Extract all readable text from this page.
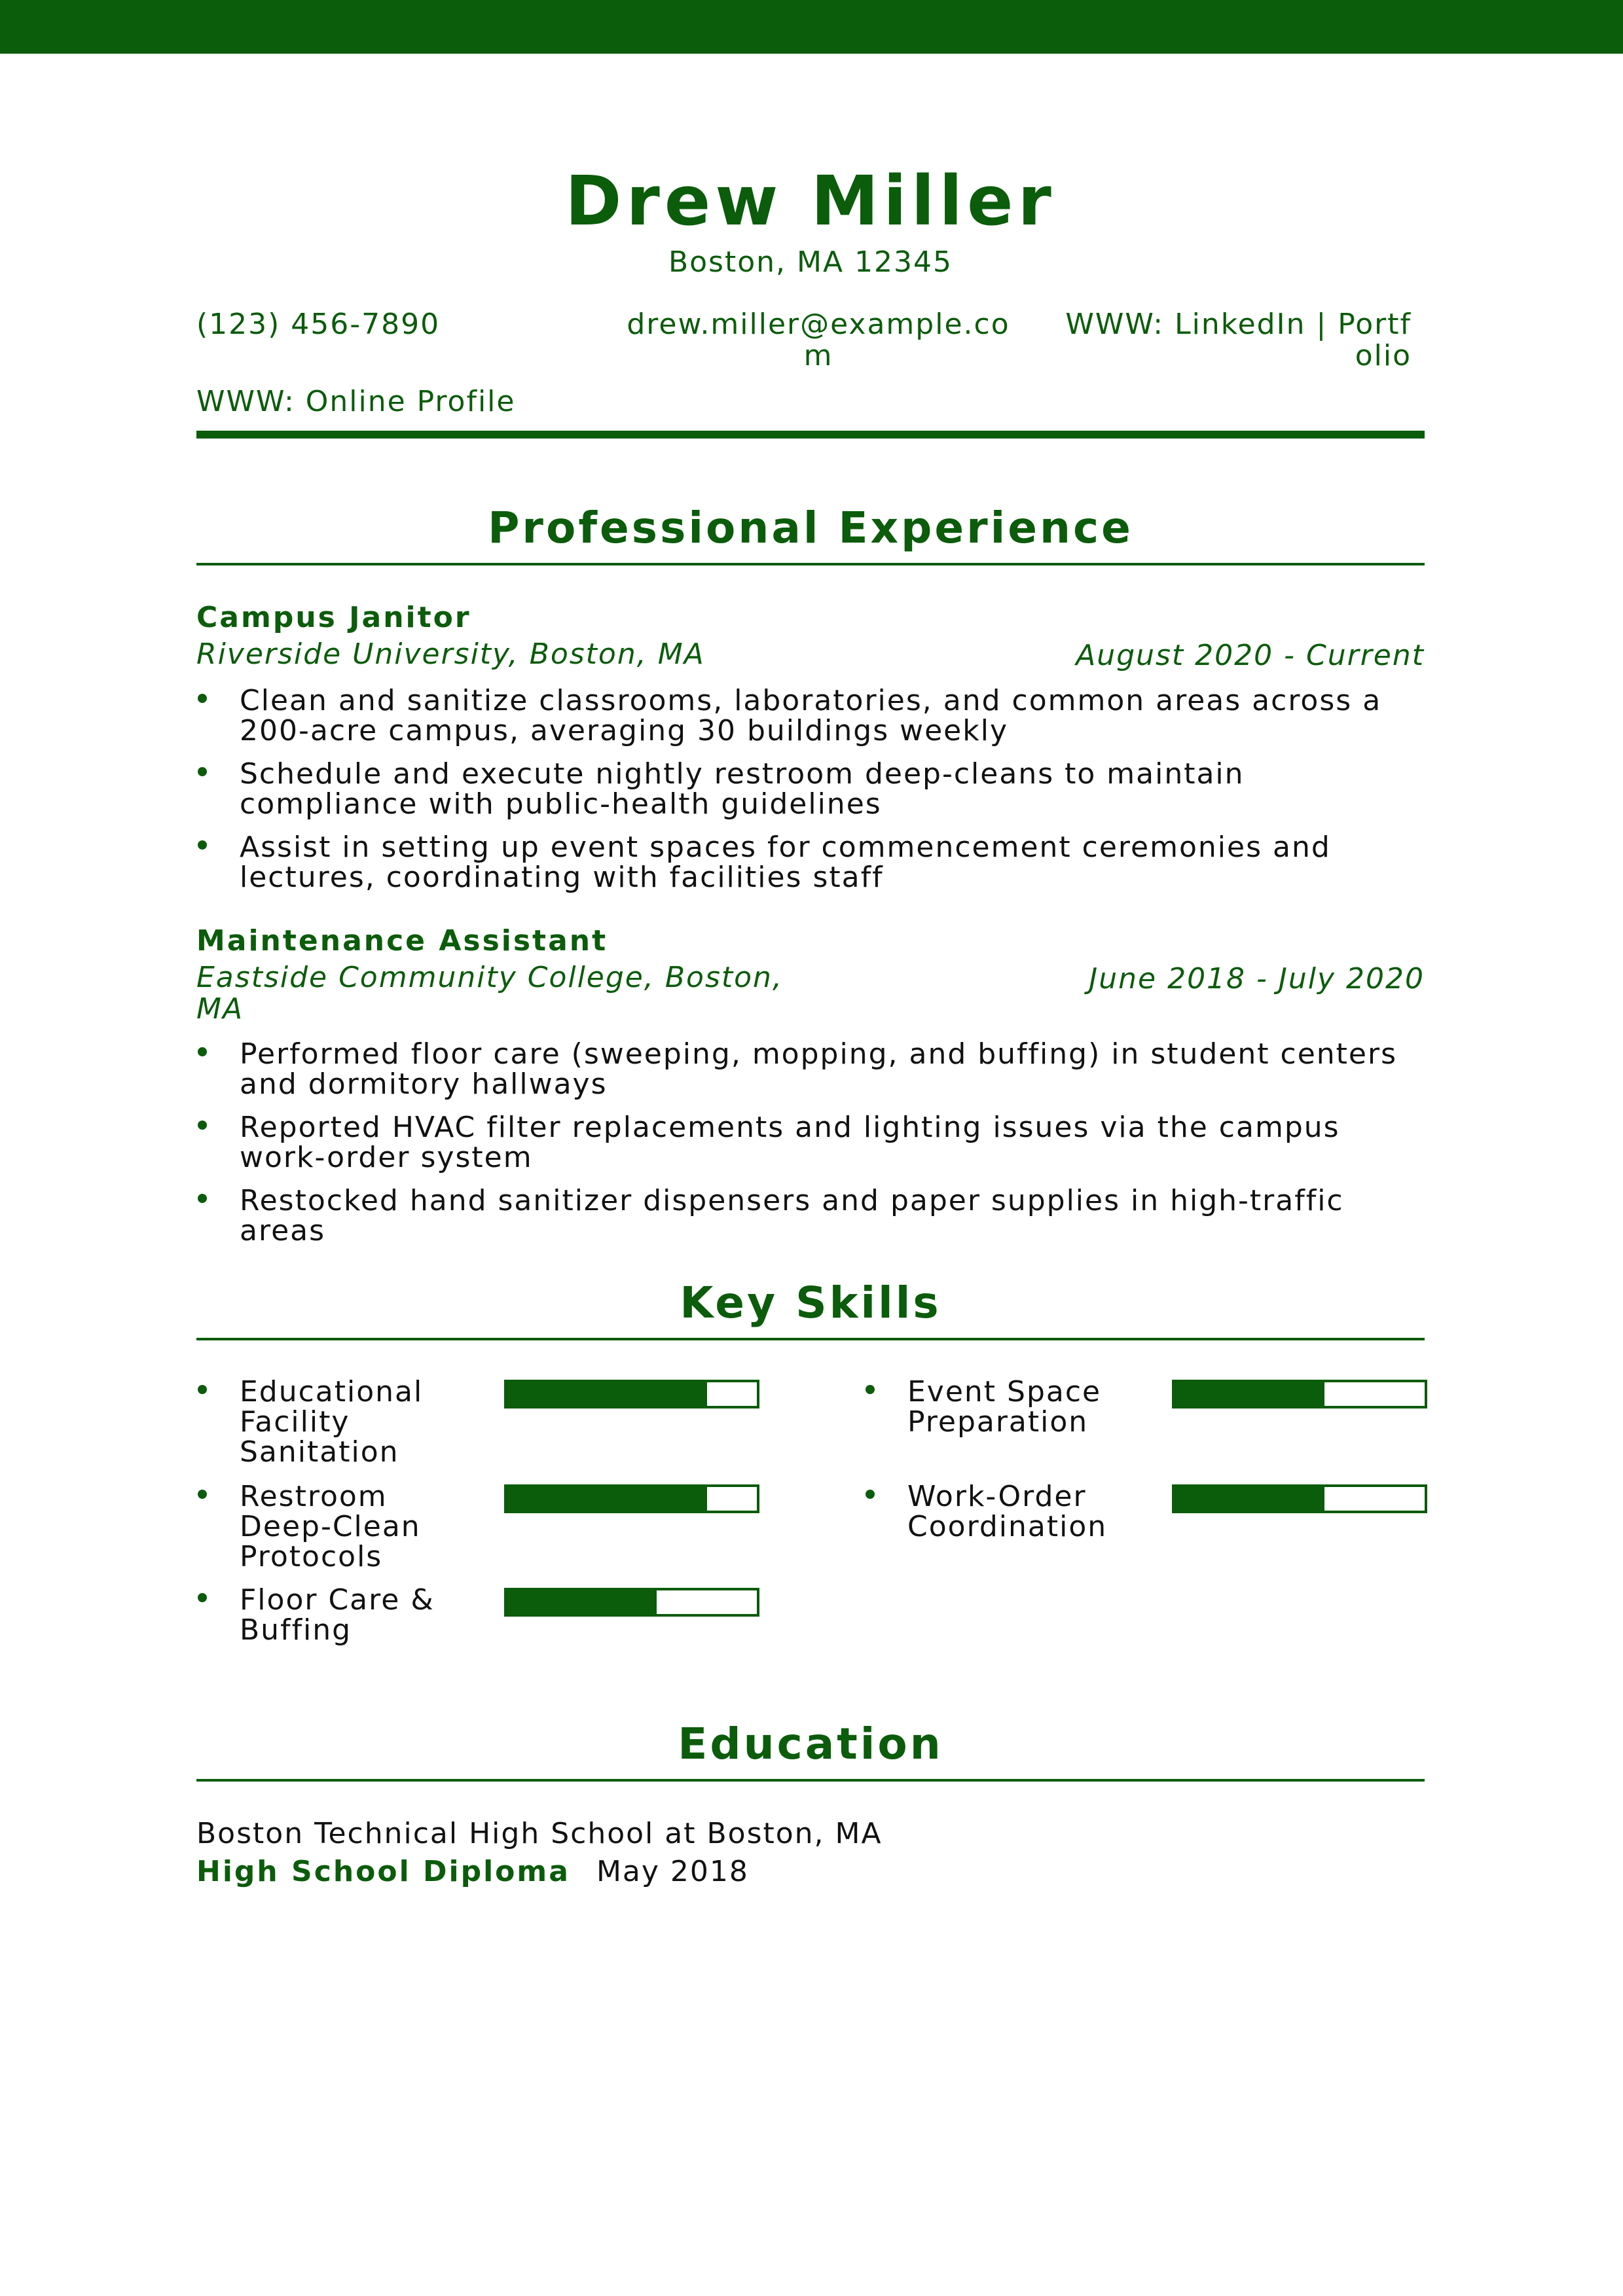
Drew Miller
Boston, MA 12345
(123) 456-7890	drew.miller@example.com
WWW: LinkedIn | Portfolio
WWW: Online Profile
Professional Experience
Campus Janitor
Riverside University, Boston, MA	August 2020 - Current
Clean and sanitize classrooms, laboratories, and common areas across a 200-acre campus, averaging 30 buildings weekly
Schedule and execute nightly restroom deep-cleans to maintain compliance with public-health guidelines
Assist in setting up event spaces for commencement ceremonies and lectures, coordinating with facilities staff
Maintenance Assistant
Eastside Community College, Boston, MA
June 2018 - July 2020
Performed floor care (sweeping, mopping, and buffing) in student centers and dormitory hallways
Reported HVAC filter replacements and lighting issues via the campus work-order system
Restocked hand sanitizer dispensers and paper supplies in high-traffic areas
Key Skills
Educational Facility Sanitation
Event Space Preparation
Restroom Deep-Clean Protocols
Work-Order Coordination
Floor Care & Buffing
Education
Boston Technical High School at Boston, MA
High School Diploma May 2018
